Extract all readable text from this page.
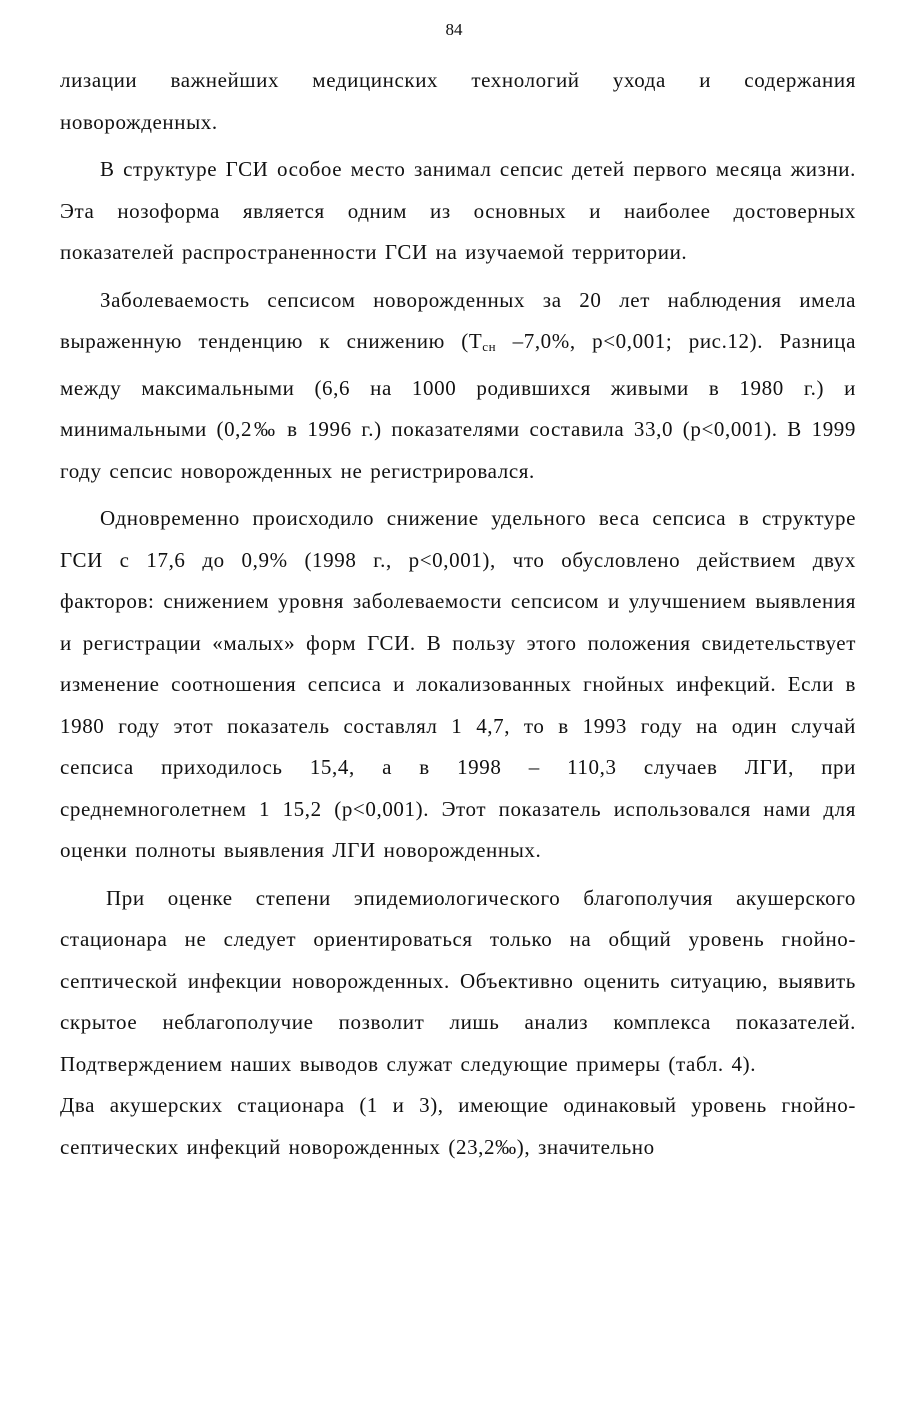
84

лизации важнейших медицинских технологий ухода и содержания новорожденных.

В структуре ГСИ особое место занимал сепсис детей первого месяца жизни. Эта нозоформа является одним из основных и наиболее достоверных показателей распространенности ГСИ на изучаемой территории.

Заболеваемость сепсисом новорожденных за 20 лет наблюдения имела выраженную тенденцию к снижению ($Т_{сн}$ –7,0%, р<0,001; рис.12). Разница между максимальными (6,6 на 1000 родившихся живыми в 1980 г.) и минимальными (0,2‰ в 1996 г.) показателями составила 33,0 (р<0,001). В 1999 году сепсис новорожденных не регистрировался.

Одновременно происходило снижение удельного веса сепсиса в структуре ГСИ с 17,6 до 0,9% (1998 г., р<0,001), что обусловлено действием двух факторов: снижением уровня заболеваемости сепсисом и улучшением выявления и регистрации «малых» форм ГСИ. В пользу этого положения свидетельствует изменение соотношения сепсиса и локализованных гнойных инфекций. Если в 1980 году этот показатель составлял 1 4,7, то в 1993 году на один случай сепсиса приходилось 15,4, а в 1998 – 110,3 случаев ЛГИ, при среднемноголетнем 1 15,2 (р<0,001). Этот показатель использовался нами для оценки полноты выявления ЛГИ новорожденных.

При оценке степени эпидемиологического благополучия акушерского стационара не следует ориентироваться только на общий уровень гнойно-септической инфекции новорожденных. Объективно оценить ситуацию, выявить скрытое неблагополучие позволит лишь анализ комплекса показателей. Подтверждением наших выводов служат следующие примеры (табл. 4).

Два акушерских стационара (1 и 3), имеющие одинаковый уровень гнойно-септических инфекций новорожденных (23,2‰), значительно
